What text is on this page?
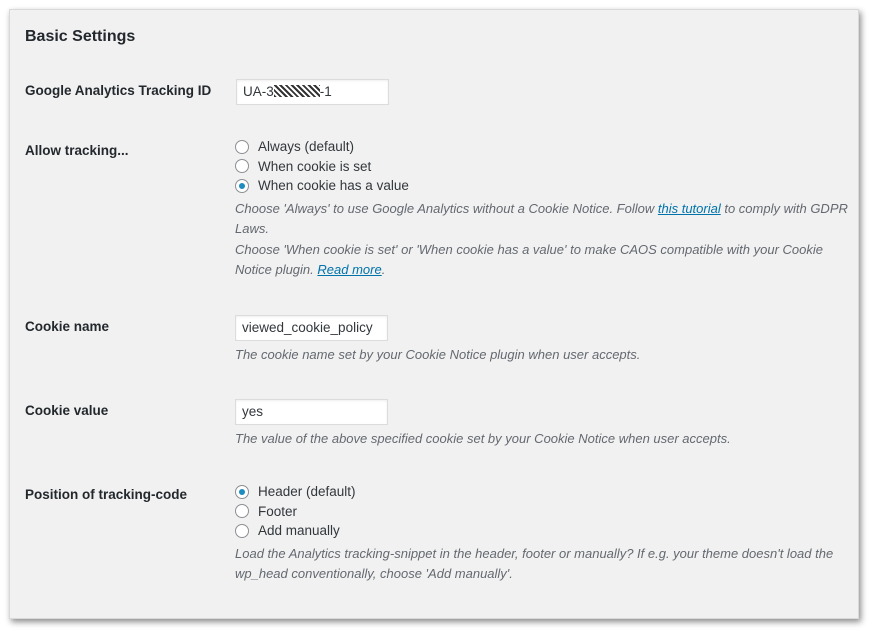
Basic Settings
Google Analytics Tracking ID	UA-3	-1
Allow tracking...	Always (default)
When cookie is set
When cookie has a value
Choose 'Always' to use Google Analytics without a Cookie Notice. Follow this tutorial to comply with GDPR Laws.
Choose 'When cookie is set' or 'When cookie has a value' to make CAOS compatible with your Cookie Notice plugin. Read more.
Cookie name	viewed_cookie_policy
The cookie name set by your Cookie Notice plugin when user accepts.
Cookie value	yes
The value of the above specified cookie set by your Cookie Notice when user accepts.
Position of tracking-code	Header (default)
Footer
Add manually
Load the Analytics tracking-snippet in the header, footer or manually? If e.g. your theme doesn't load the wp_head conventionally, choose 'Add manually'.
